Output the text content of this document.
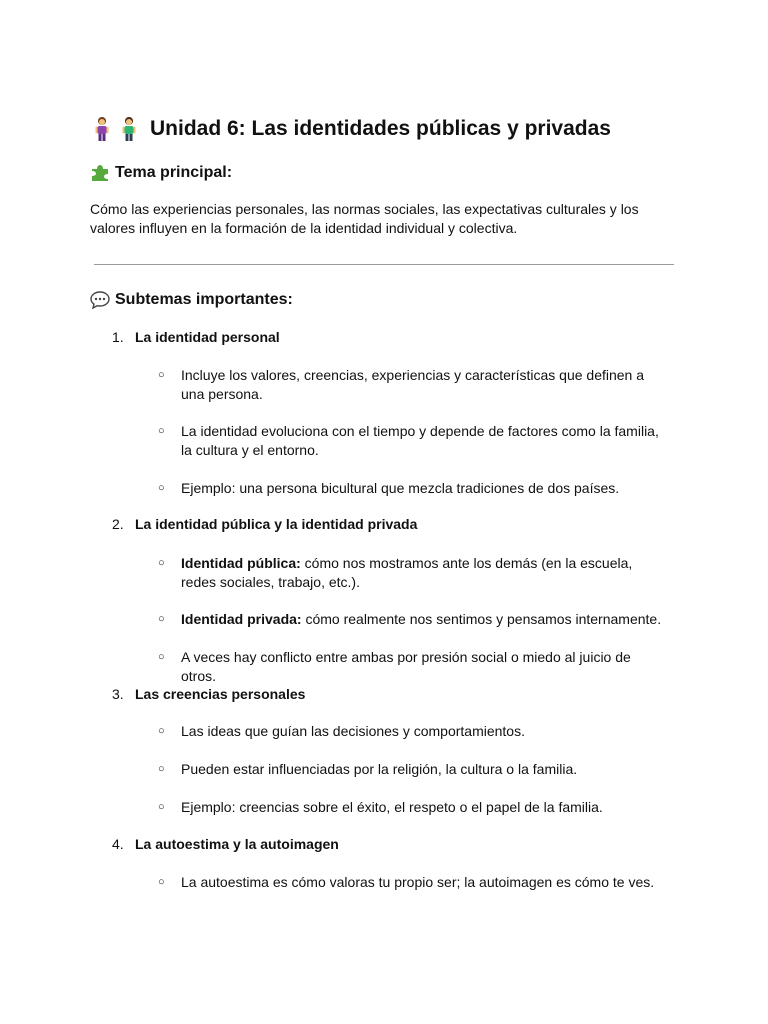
Unidad 6: Las identidades públicas y privadas
Tema principal:

Cómo las experiencias personales, las normas sociales, las expectativas culturales y los valores influyen en la formación de la identidad individual y colectiva.

Subtemas importantes:
1. La identidad personal
○	Incluye los valores, creencias, experiencias y características que definen a una persona.
○	La identidad evoluciona con el tiempo y depende de factores como la familia, la cultura y el entorno.
○	Ejemplo: una persona bicultural que mezcla tradiciones de dos países.
2. La identidad pública y la identidad privada
○	Identidad pública: cómo nos mostramos ante los demás (en la escuela, redes sociales, trabajo, etc.).
○	Identidad privada: cómo realmente nos sentimos y pensamos internamente.
○	A veces hay conflicto entre ambas por presión social o miedo al juicio de otros.
3. Las creencias personales
○	Las ideas que guían las decisiones y comportamientos.
○	Pueden estar influenciadas por la religión, la cultura o la familia.
○	Ejemplo: creencias sobre el éxito, el respeto o el papel de la familia.
4. La autoestima y la autoimagen
○	La autoestima es cómo valoras tu propio ser; la autoimagen es cómo te ves.
